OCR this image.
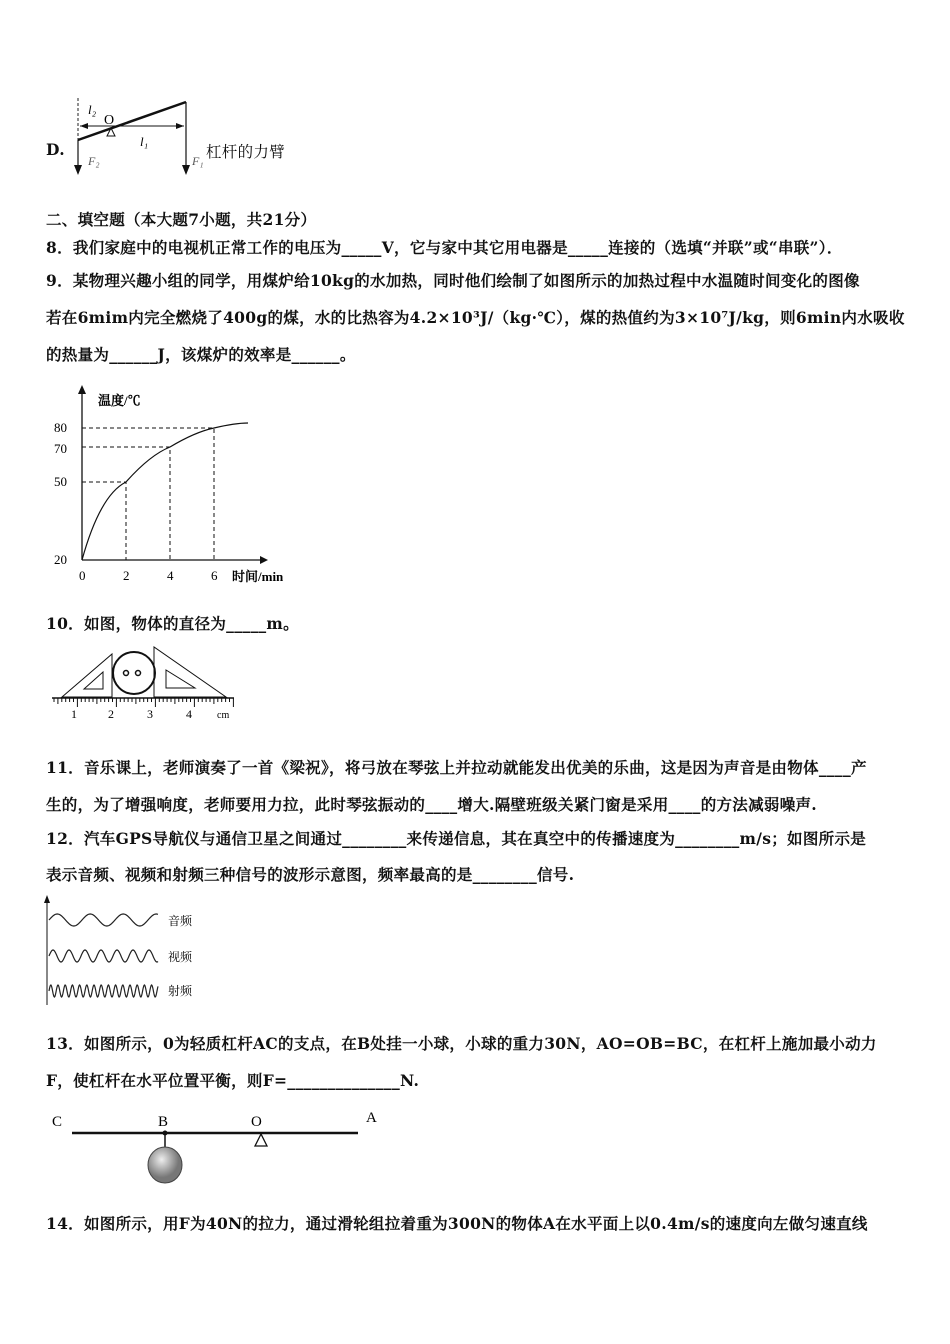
D.
l₂
O
l₁
F₂	F₁ 杠杆的力臂
二、填空题（本大题7小题，共21分）
8．我们家庭中的电视机正常工作的电压为_____V，它与家中其它用电器是_____连接的（选填“并联”或“串联”）．
9．某物理兴趣小组的同学，用煤炉给10kg的水加热，同时他们绘制了如图所示的加热过程中水温随时间变化的图像
若在6mim内完全燃烧了400g的煤，水的比热容为4.2×10³J/（kg·℃），煤的热值约为3×10⁷J/kg，则6min内水吸收
的热量为______J，该煤炉的效率是______。
温度/℃
80
70
50
20
0	2	4	6 时间/min
10．如图，物体的直径为_____m。
1	2	3	4	cm
11．音乐课上，老师演奏了一首《梁祝》，将弓放在琴弦上并拉动就能发出优美的乐曲，这是因为声音是由物体____产
生的，为了增强响度，老师要用力拉，此时琴弦振动的____增大.隔壁班级关紧门窗是采用____的方法减弱噪声.
12．汽车GPS导航仪与通信卫星之间通过________来传递信息，其在真空中的传播速度为________m/s；如图所示是
表示音频、视频和射频三种信号的波形示意图，频率最高的是________信号.
音频
视频
射频
13．如图所示，0为轻质杠杆AC的支点，在B处挂一小球，小球的重力30N，AO=OB=BC，在杠杆上施加最小动力
F，使杠杆在水平位置平衡，则F=______________N.
C	B	O	A
14．如图所示，用F为40N的拉力，通过滑轮组拉着重为300N的物体A在水平面上以0.4m/s的速度向左做匀速直线
